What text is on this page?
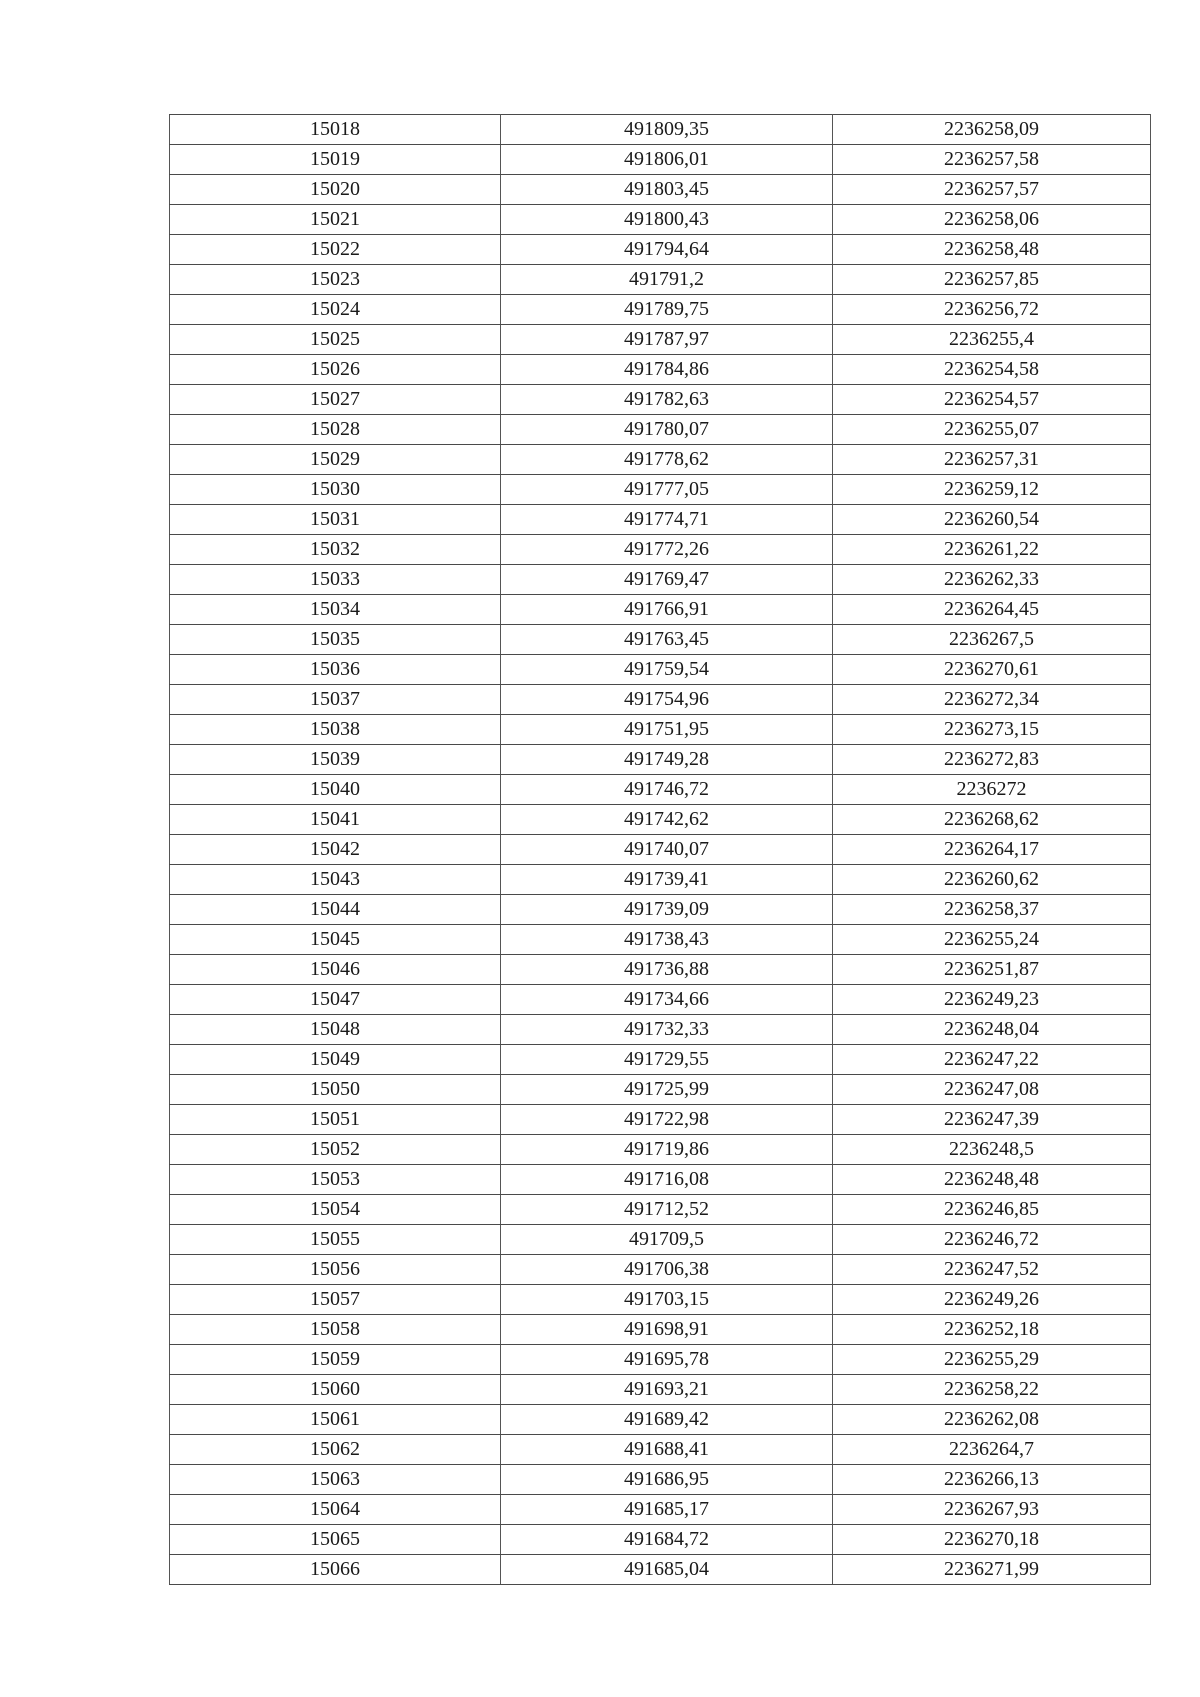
15018	491809,35	2236258,09
15019	491806,01	2236257,58
15020	491803,45	2236257,57
15021	491800,43	2236258,06
15022	491794,64	2236258,48
15023	491791,2	2236257,85
15024	491789,75	2236256,72
15025	491787,97	2236255,4
15026	491784,86	2236254,58
15027	491782,63	2236254,57
15028	491780,07	2236255,07
15029	491778,62	2236257,31
15030	491777,05	2236259,12
15031	491774,71	2236260,54
15032	491772,26	2236261,22
15033	491769,47	2236262,33
15034	491766,91	2236264,45
15035	491763,45	2236267,5
15036	491759,54	2236270,61
15037	491754,96	2236272,34
15038	491751,95	2236273,15
15039	491749,28	2236272,83
15040	491746,72	2236272
15041	491742,62	2236268,62
15042	491740,07	2236264,17
15043	491739,41	2236260,62
15044	491739,09	2236258,37
15045	491738,43	2236255,24
15046	491736,88	2236251,87
15047	491734,66	2236249,23
15048	491732,33	2236248,04
15049	491729,55	2236247,22
15050	491725,99	2236247,08
15051	491722,98	2236247,39
15052	491719,86	2236248,5
15053	491716,08	2236248,48
15054	491712,52	2236246,85
15055	491709,5	2236246,72
15056	491706,38	2236247,52
15057	491703,15	2236249,26
15058	491698,91	2236252,18
15059	491695,78	2236255,29
15060	491693,21	2236258,22
15061	491689,42	2236262,08
15062	491688,41	2236264,7
15063	491686,95	2236266,13
15064	491685,17	2236267,93
15065	491684,72	2236270,18
15066	491685,04	2236271,99
